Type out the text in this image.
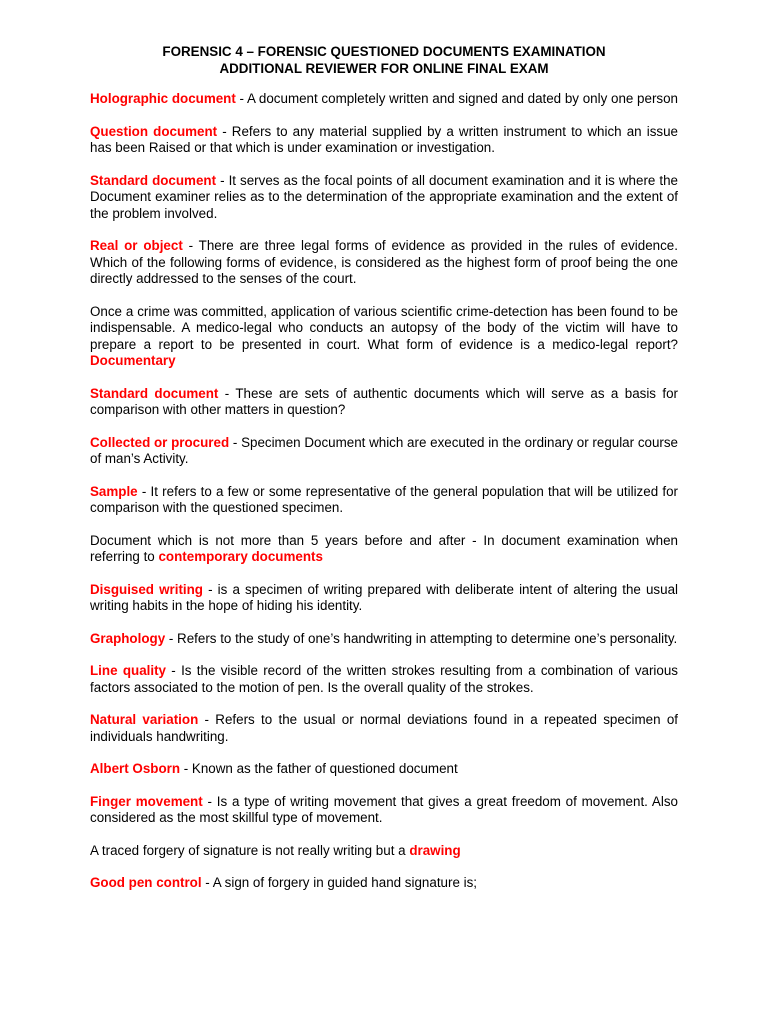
FORENSIC 4 – FORENSIC QUESTIONED DOCUMENTS EXAMINATION

ADDITIONAL REVIEWER FOR ONLINE FINAL EXAM

Holographic document - A document completely written and signed and dated by only one person

Question document - Refers to any material supplied by a written instrument to which an issue has been Raised or that which is under examination or investigation.

Standard document - It serves as the focal points of all document examination and it is where the Document examiner relies as to the determination of the appropriate examination and the extent of the problem involved.

Real or object - There are three legal forms of evidence as provided in the rules of evidence. Which of the following forms of evidence, is considered as the highest form of proof being the one directly addressed to the senses of the court.

Once a crime was committed, application of various scientific crime-detection has been found to be indispensable. A medico-legal who conducts an autopsy of the body of the victim will have to prepare a report to be presented in court. What form of evidence is a medico-legal report? Documentary

Standard document - These are sets of authentic documents which will serve as a basis for comparison with other matters in question?

Collected or procured - Specimen Document which are executed in the ordinary or regular course of man’s Activity.

Sample - It refers to a few or some representative of the general population that will be utilized for comparison with the questioned specimen.

Document which is not more than 5 years before and after - In document examination when referring to contemporary documents

Disguised writing - is a specimen of writing prepared with deliberate intent of altering the usual writing habits in the hope of hiding his identity.

Graphology - Refers to the study of one’s handwriting in attempting to determine one’s personality.

Line quality - Is the visible record of the written strokes resulting from a combination of various factors associated to the motion of pen. Is the overall quality of the strokes.

Natural variation - Refers to the usual or normal deviations found in a repeated specimen of individuals handwriting.

Albert Osborn - Known as the father of questioned document

Finger movement - Is a type of writing movement that gives a great freedom of movement. Also considered as the most skillful type of movement.

A traced forgery of signature is not really writing but a drawing

Good pen control - A sign of forgery in guided hand signature is;
